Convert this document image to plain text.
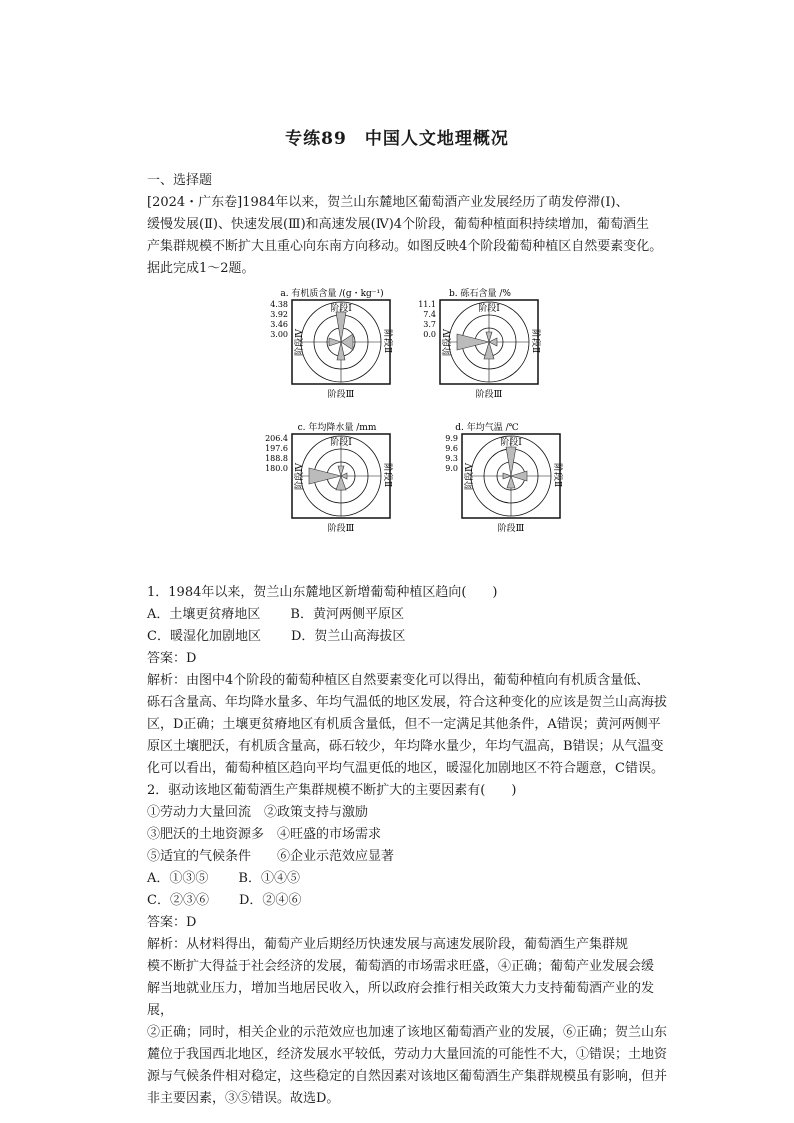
专练89　中国人文地理概况

一、选择题

[2024・广东卷]1984年以来，贺兰山东麓地区葡萄酒产业发展经历了萌发停滞(Ⅰ)、

缓慢发展(Ⅱ)、快速发展(Ⅲ)和高速发展(Ⅳ)4个阶段，葡萄种植面积持续增加，葡萄酒生

产集群规模不断扩大且重心向东南方向移动。如图反映4个阶段葡萄种植区自然要素变化。

据此完成1～2题。

a. 有机质含量 /(g・kg⁻¹)
阶段Ⅰ
阶段Ⅲ
阶段Ⅱ
阶段Ⅳ
4.38
3.92
3.46
3.00
b. 砾石含量 /%
阶段Ⅰ
阶段Ⅲ
阶段Ⅱ
阶段Ⅳ
11.1
7.4
3.7
0.0
c. 年均降水量 /mm
阶段Ⅰ
阶段Ⅲ
阶段Ⅱ
阶段Ⅳ
206.4
197.6
188.8
180.0
d. 年均气温 /℃
阶段Ⅰ
阶段Ⅲ
阶段Ⅱ
阶段Ⅳ
9.9
9.6
9.3
9.0

1．1984年以来，贺兰山东麓地区新增葡萄种植区趋向(　　)

A．土壤更贫瘠地区 B．黄河两侧平原区
C．暖湿化加剧地区 D．贺兰山高海拔区

答案：D

解析：由图中4个阶段的葡萄种植区自然要素变化可以得出，葡萄种植向有机质含量低、

砾石含量高、年均降水量多、年均气温低的地区发展，符合这种变化的应该是贺兰山高海拔

区，D正确；土壤更贫瘠地区有机质含量低，但不一定满足其他条件，A错误；黄河两侧平

原区土壤肥沃，有机质含量高，砾石较少，年均降水量少，年均气温高，B错误；从气温变

化可以看出，葡萄种植区趋向平均气温更低的地区，暖湿化加剧地区不符合题意，C错误。

2．驱动该地区葡萄酒生产集群规模不断扩大的主要因素有(　　)

①劳动力大量回流　②政策支持与激励

③肥沃的土地资源多　④旺盛的市场需求

⑤适宜的气候条件　　⑥企业示范效应显著

A．①③⑤ B．①④⑤
C．②③⑥ D．②④⑥

答案：D

解析：从材料得出，葡萄产业后期经历快速发展与高速发展阶段，葡萄酒生产集群规

模不断扩大得益于社会经济的发展，葡萄酒的市场需求旺盛，④正确；葡萄产业发展会缓

解当地就业压力，增加当地居民收入，所以政府会推行相关政策大力支持葡萄酒产业的发展，

②正确；同时，相关企业的示范效应也加速了该地区葡萄酒产业的发展，⑥正确；贺兰山东

麓位于我国西北地区，经济发展水平较低，劳动力大量回流的可能性不大，①错误；土地资

源与气候条件相对稳定，这些稳定的自然因素对该地区葡萄酒生产集群规模虽有影响，但并

非主要因素，③⑤错误。故选D。
